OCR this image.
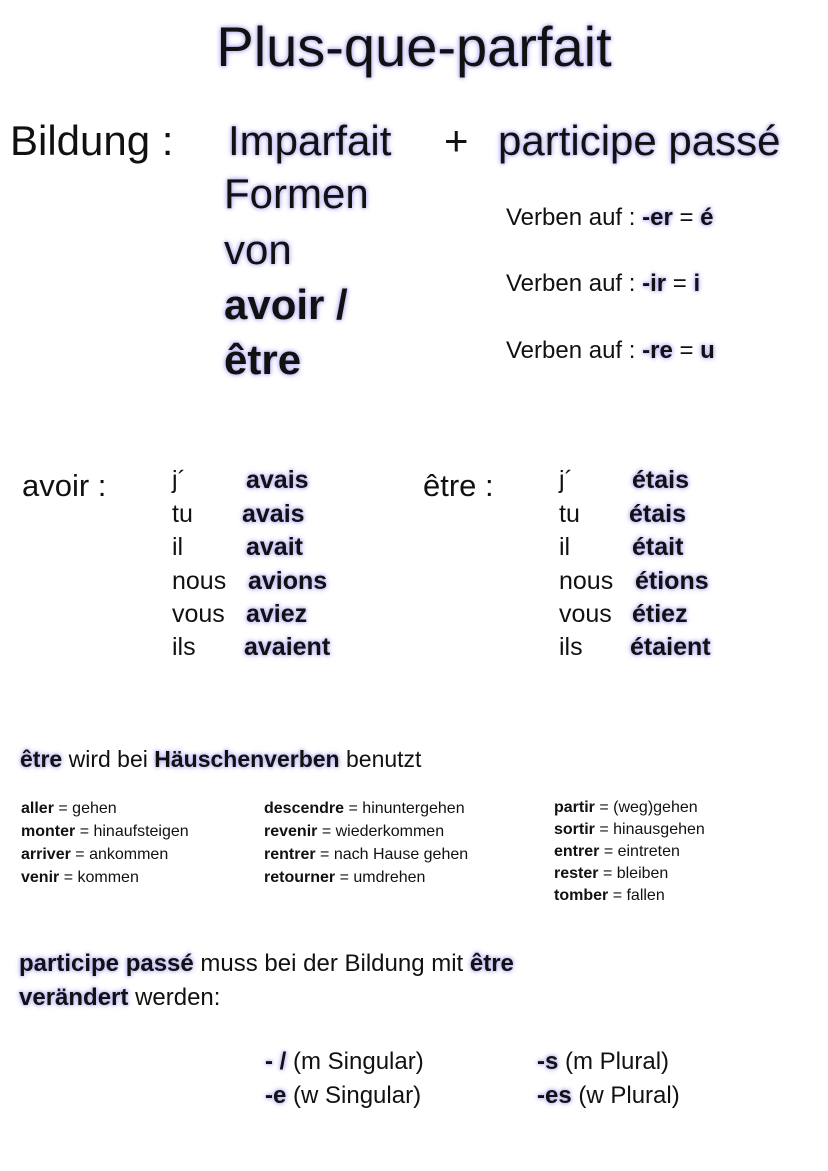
Plus-que-parfait
Bildung : Imparfait + participe passé
Formen
von
avoir /
être
Verben auf : -er = é
Verben auf : -ir = i
Verben auf : -re = u
avoir :	j´ avais
tu avais
il	avait
nous avions
vous aviez
ils avaient
être :	j´ étais
tu étais
il était
nous étions
vous étiez
ils étaient
être wird bei Häuschenverben benutzt
aller = gehen
monter = hinaufsteigen
arriver = ankommen
venir = kommen
descendre = hinuntergehen
revenir = wiederkommen
rentrer = nach Hause gehen
retourner = umdrehen
partir = (weg)gehen
sortir = hinausgehen
entrer = eintreten
rester = bleiben
tomber = fallen
participe passé muss bei der Bildung mit être
verändert werden:
- / (m Singular)
-e (w Singular)
-s (m Plural)
-es (w Plural)
